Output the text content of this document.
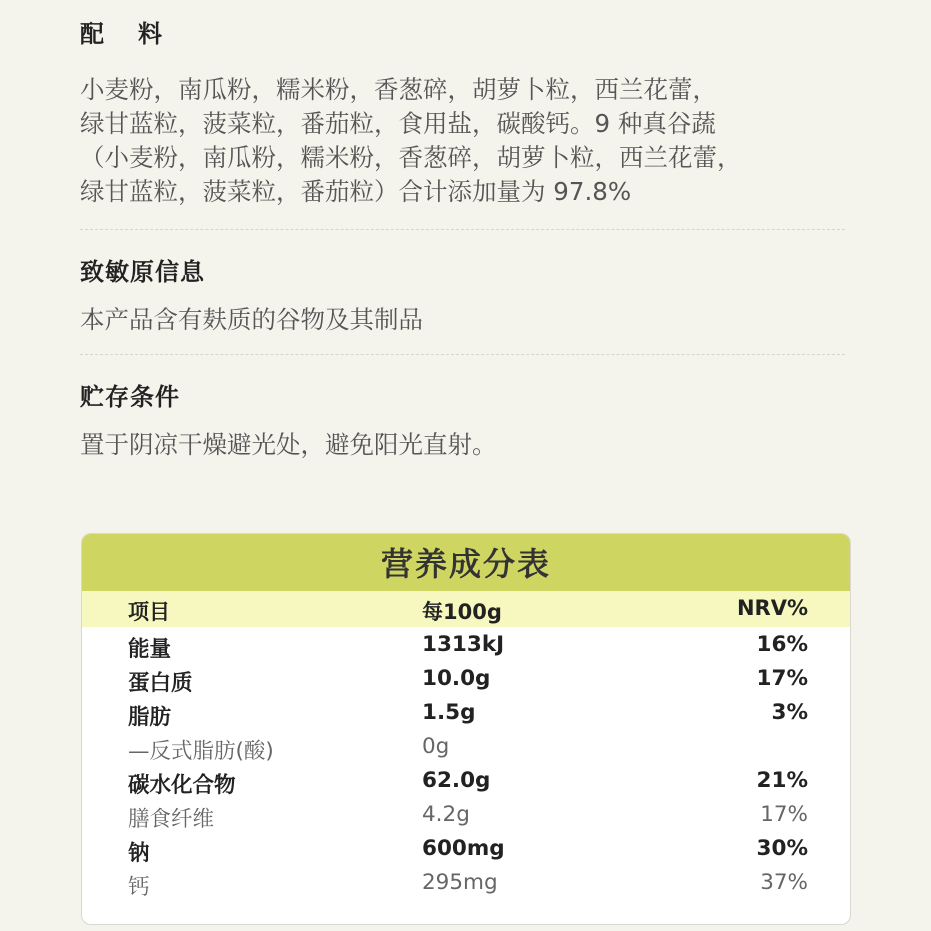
配料
小麦粉，南瓜粉，糯米粉，香葱碎，胡萝卜粒，西兰花蕾，
绿甘蓝粒，菠菜粒，番茄粒，食用盐，碳酸钙。9 种真谷蔬
（小麦粉，南瓜粉，糯米粉，香葱碎，胡萝卜粒，西兰花蕾，
绿甘蓝粒，菠菜粒，番茄粒）合计添加量为 97.8%
致敏原信息
本产品含有麸质的谷物及其制品
贮存条件
置于阴凉干燥避光处，避免阳光直射。
营养成分表
项目	每100g	NRV%
能量	1313kJ	16%
蛋白质	10.0g	17%
脂肪	1.5g	3%
—反式脂肪(酸)	0g
碳水化合物	62.0g	21%
膳食纤维	4.2g	17%
钠	600mg	30%
钙	295mg	37%
